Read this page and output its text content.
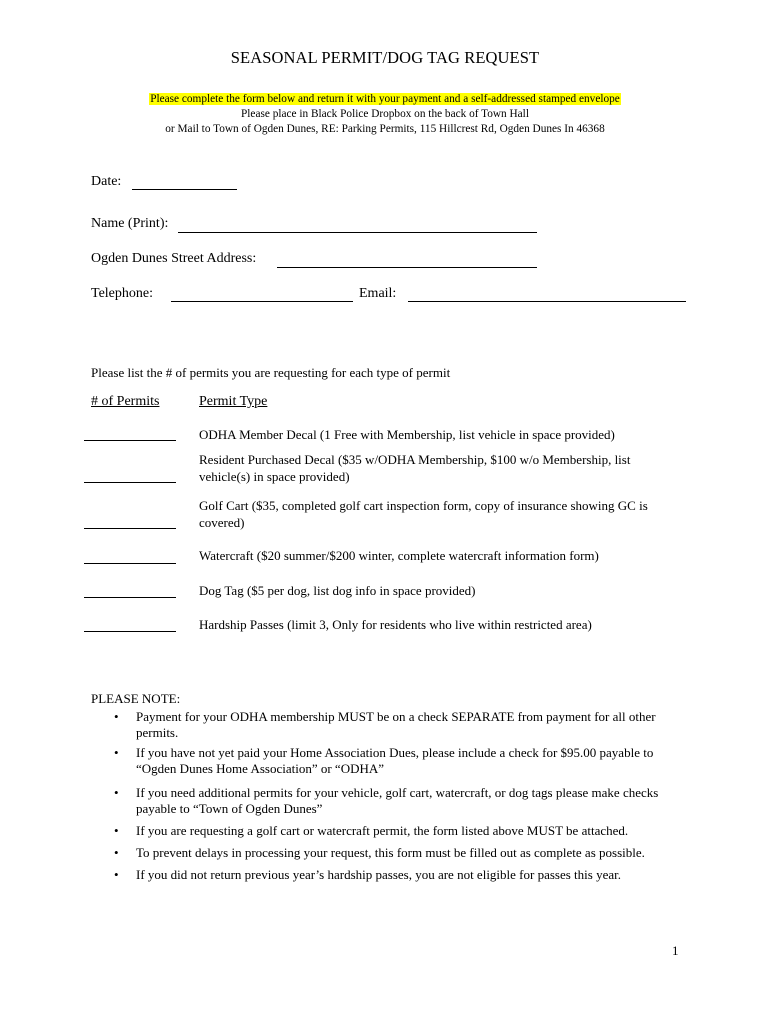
SEASONAL PERMIT/DOG TAG REQUEST
Please complete the form below and return it with your payment and a self-addressed stamped envelope
Please place in Black Police Dropbox on the back of Town Hall
or Mail to Town of Ogden Dunes, RE: Parking Permits, 115 Hillcrest Rd, Ogden Dunes In 46368
Date:
Name (Print):
Ogden Dunes Street Address:
Telephone:	Email:
Please list the # of permits you are requesting for each type of permit
# of Permits	Permit Type
ODHA Member Decal (1 Free with Membership, list vehicle in space provided)
Resident Purchased Decal ($35 w/ODHA Membership, $100 w/o Membership, list vehicle(s) in space provided)
Golf Cart ($35, completed golf cart inspection form, copy of insurance showing GC is covered)
Watercraft ($20 summer/$200 winter, complete watercraft information form)
Dog Tag ($5 per dog, list dog info in space provided)
Hardship Passes (limit 3, Only for residents who live within restricted area)
PLEASE NOTE:
• Payment for your ODHA membership MUST be on a check SEPARATE from payment for all other permits.
• If you have not yet paid your Home Association Dues, please include a check for $95.00 payable to “Ogden Dunes Home Association” or “ODHA”
• If you need additional permits for your vehicle, golf cart, watercraft, or dog tags please make checks payable to “Town of Ogden Dunes”
• If you are requesting a golf cart or watercraft permit, the form listed above MUST be attached.
• To prevent delays in processing your request, this form must be filled out as complete as possible.
• If you did not return previous year’s hardship passes, you are not eligible for passes this year.
1
